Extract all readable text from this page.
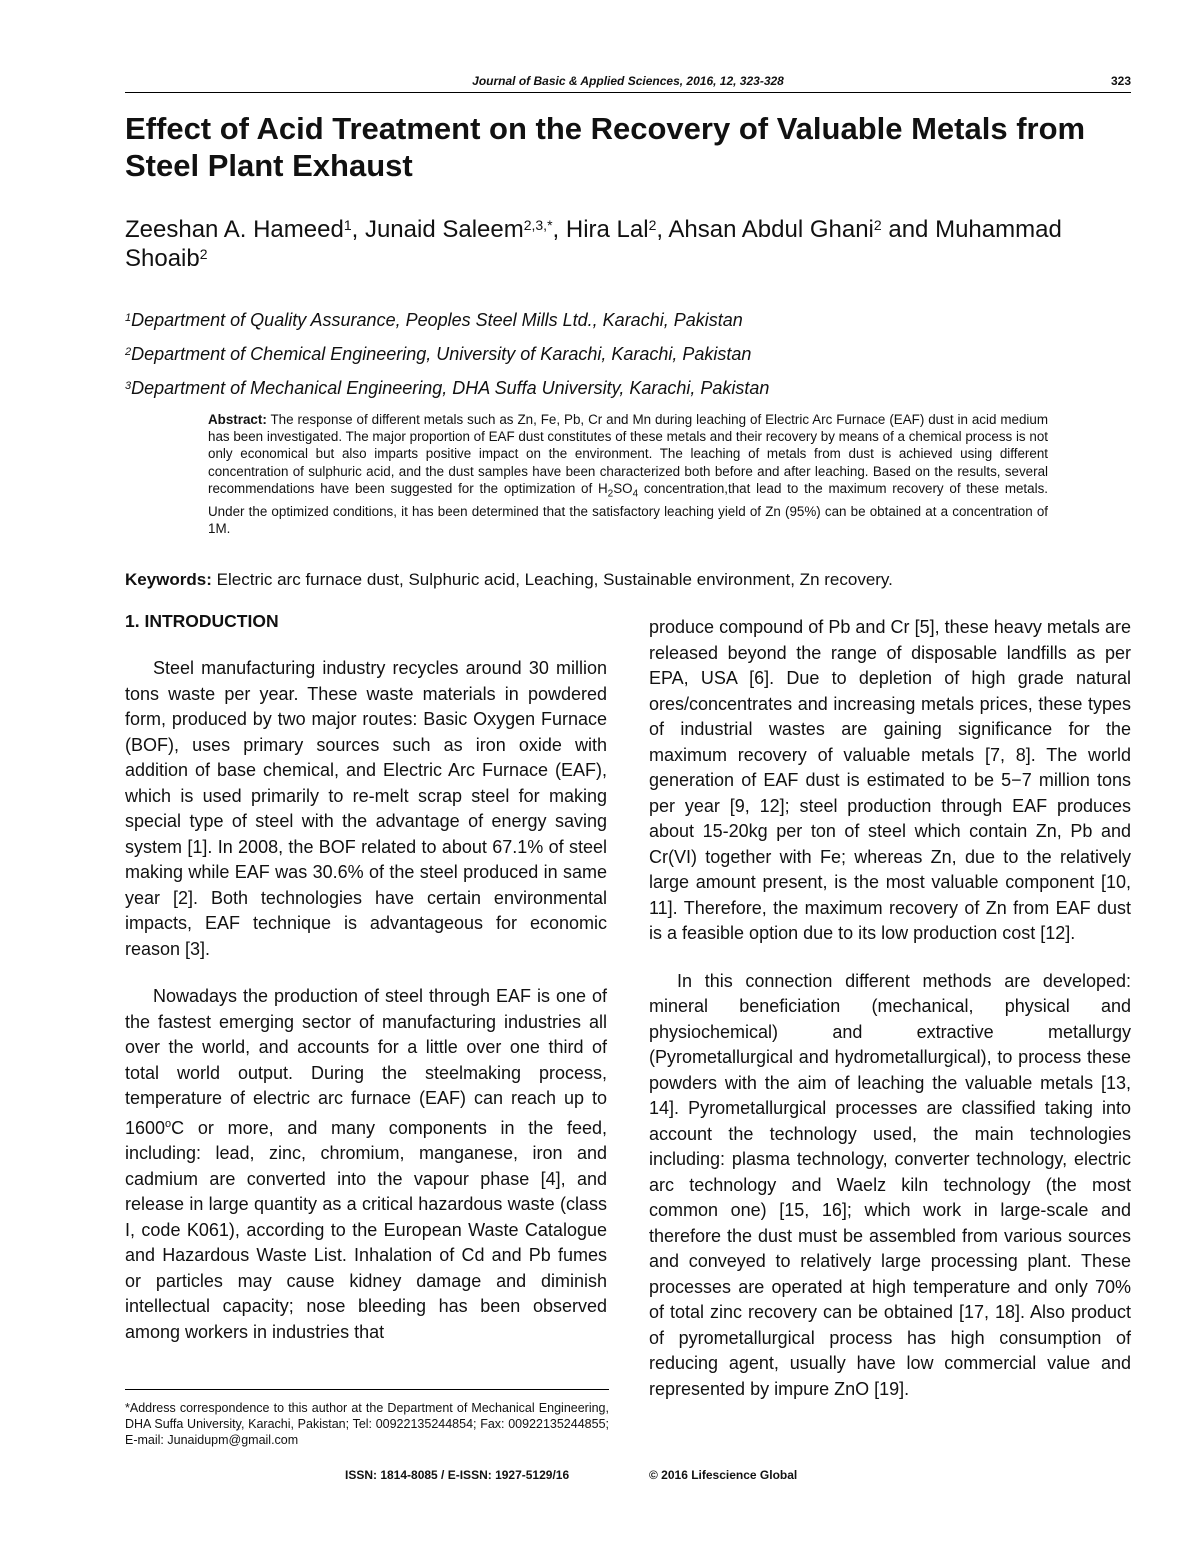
Journal of Basic & Applied Sciences, 2016, 12, 323-328	323
Effect of Acid Treatment on the Recovery of Valuable Metals from Steel Plant Exhaust
Zeeshan A. Hameed$^1$, Junaid Saleem$^{2,3,*}$, Hira Lal$^2$, Ahsan Abdul Ghani$^2$ and Muhammad Shoaib$^2$
$^1$Department of Quality Assurance, Peoples Steel Mills Ltd., Karachi, Pakistan
$^2$Department of Chemical Engineering, University of Karachi, Karachi, Pakistan
$^3$Department of Mechanical Engineering, DHA Suffa University, Karachi, Pakistan
Abstract: The response of different metals such as Zn, Fe, Pb, Cr and Mn during leaching of Electric Arc Furnace (EAF) dust in acid medium has been investigated. The major proportion of EAF dust constitutes of these metals and their recovery by means of a chemical process is not only economical but also imparts positive impact on the environment. The leaching of metals from dust is achieved using different concentration of sulphuric acid, and the dust samples have been characterized both before and after leaching. Based on the results, several recommendations have been suggested for the optimization of $H_2SO_4$ concentration,that lead to the maximum recovery of these metals. Under the optimized conditions, it has been determined that the satisfactory leaching yield of Zn (95%) can be obtained at a concentration of 1M.
Keywords: Electric arc furnace dust, Sulphuric acid, Leaching, Sustainable environment, Zn recovery.
1. INTRODUCTION

Steel manufacturing industry recycles around 30 million tons waste per year. These waste materials in powdered form, produced by two major routes: Basic Oxygen Furnace (BOF), uses primary sources such as iron oxide with addition of base chemical, and Electric Arc Furnace (EAF), which is used primarily to re-melt scrap steel for making special type of steel with the advantage of energy saving system [1]. In 2008, the BOF related to about 67.1% of steel making while EAF was 30.6% of the steel produced in same year [2]. Both technologies have certain environmental impacts, EAF technique is advantageous for economic reason [3].

Nowadays the production of steel through EAF is one of the fastest emerging sector of manufacturing industries all over the world, and accounts for a little over one third of total world output. During the steelmaking process, temperature of electric arc furnace (EAF) can reach up to 1600$^o$C or more, and many components in the feed, including: lead, zinc, chromium, manganese, iron and cadmium are converted into the vapour phase [4], and release in large quantity as a critical hazardous waste (class I, code K061), according to the European Waste Catalogue and Hazardous Waste List. Inhalation of Cd and Pb fumes or particles may cause kidney damage and diminish intellectual capacity; nose bleeding has been observed among workers in industries that

produce compound of Pb and Cr [5], these heavy metals are released beyond the range of disposable landfills as per EPA, USA [6]. Due to depletion of high grade natural ores/concentrates and increasing metals prices, these types of industrial wastes are gaining significance for the maximum recovery of valuable metals [7, 8]. The world generation of EAF dust is estimated to be 5−7 million tons per year [9, 12]; steel production through EAF produces about 15-20kg per ton of steel which contain Zn, Pb and Cr(VI) together with Fe; whereas Zn, due to the relatively large amount present, is the most valuable component [10, 11]. Therefore, the maximum recovery of Zn from EAF dust is a feasible option due to its low production cost [12].

In this connection different methods are developed: mineral beneficiation (mechanical, physical and physiochemical) and extractive metallurgy (Pyrometallurgical and hydrometallurgical), to process these powders with the aim of leaching the valuable metals [13, 14]. Pyrometallurgical processes are classified taking into account the technology used, the main technologies including: plasma technology, converter technology, electric arc technology and Waelz kiln technology (the most common one) [15, 16]; which work in large-scale and therefore the dust must be assembled from various sources and conveyed to relatively large processing plant. These processes are operated at high temperature and only 70% of total zinc recovery can be obtained [17, 18]. Also product of pyrometallurgical process has high consumption of reducing agent, usually have low commercial value and represented by impure ZnO [19].

*Address correspondence to this author at the Department of Mechanical Engineering, DHA Suffa University, Karachi, Pakistan; Tel: 00922135244854; Fax: 00922135244855; E-mail: Junaidupm@gmail.com
ISSN: 1814-8085 / E-ISSN: 1927-5129/16	© 2016 Lifescience Global
